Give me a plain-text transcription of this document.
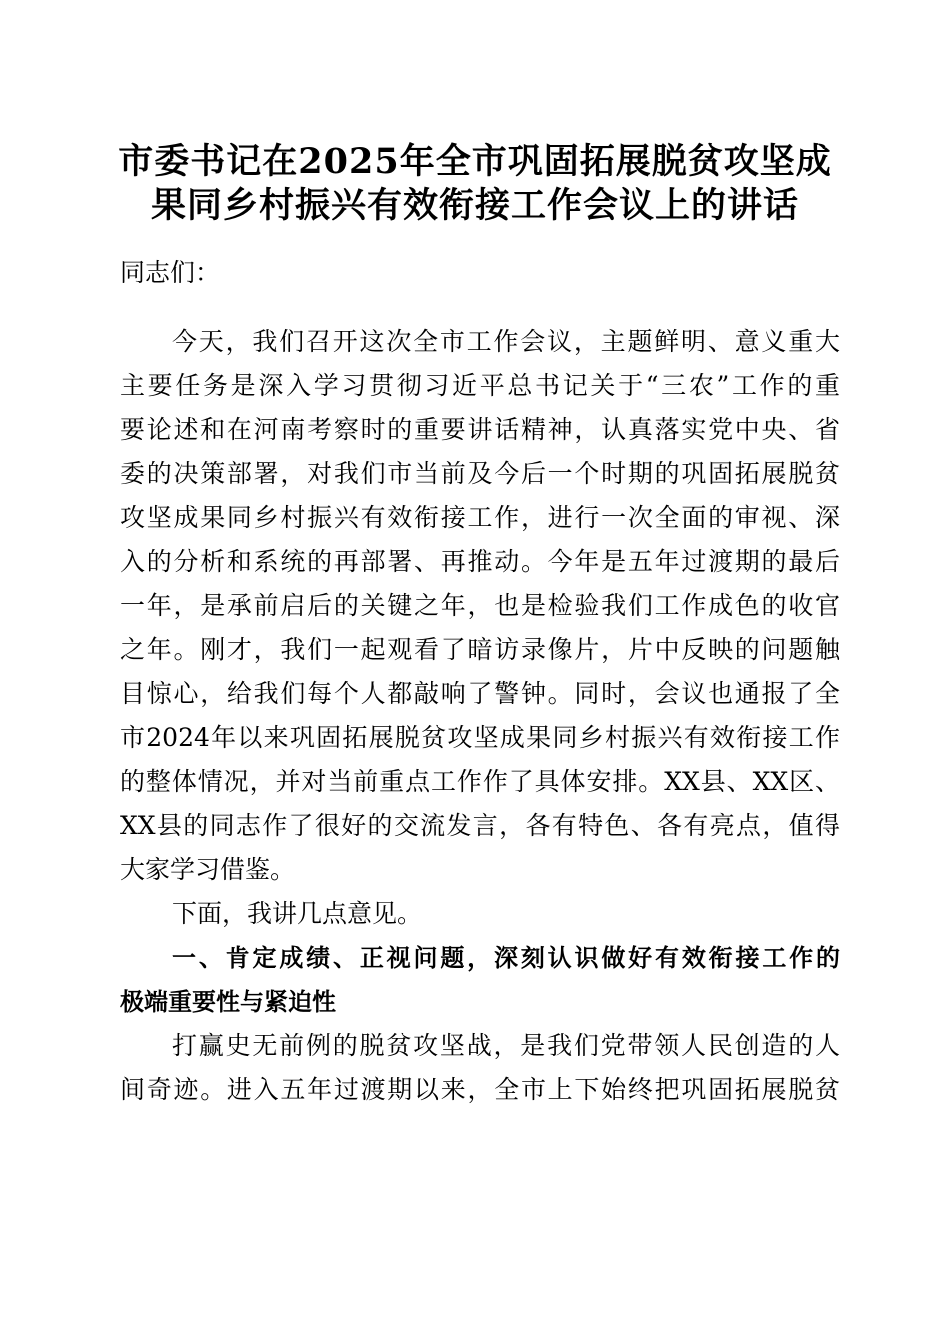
市委书记在2025年全市巩固拓展脱贫攻坚成
果同乡村振兴有效衔接工作会议上的讲话

同志们：

今天，我们召开这次全市工作会议，主题鲜明、意义重大

主要任务是深入学习贯彻习近平总书记关于“三农”工作的重

要论述和在河南考察时的重要讲话精神，认真落实党中央、省

委的决策部署，对我们市当前及今后一个时期的巩固拓展脱贫

攻坚成果同乡村振兴有效衔接工作，进行一次全面的审视、深

入的分析和系统的再部署、再推动。今年是五年过渡期的最后

一年，是承前启后的关键之年，也是检验我们工作成色的收官

之年。刚才，我们一起观看了暗访录像片，片中反映的问题触

目惊心，给我们每个人都敲响了警钟。同时，会议也通报了全

市2024年以来巩固拓展脱贫攻坚成果同乡村振兴有效衔接工作

的整体情况，并对当前重点工作作了具体安排。XX县、XX区、

XX县的同志作了很好的交流发言，各有特色、各有亮点，值得

大家学习借鉴。

下面，我讲几点意见。

一、肯定成绩、正视问题，深刻认识做好有效衔接工作的

极端重要性与紧迫性

打赢史无前例的脱贫攻坚战，是我们党带领人民创造的人

间奇迹。进入五年过渡期以来，全市上下始终把巩固拓展脱贫
